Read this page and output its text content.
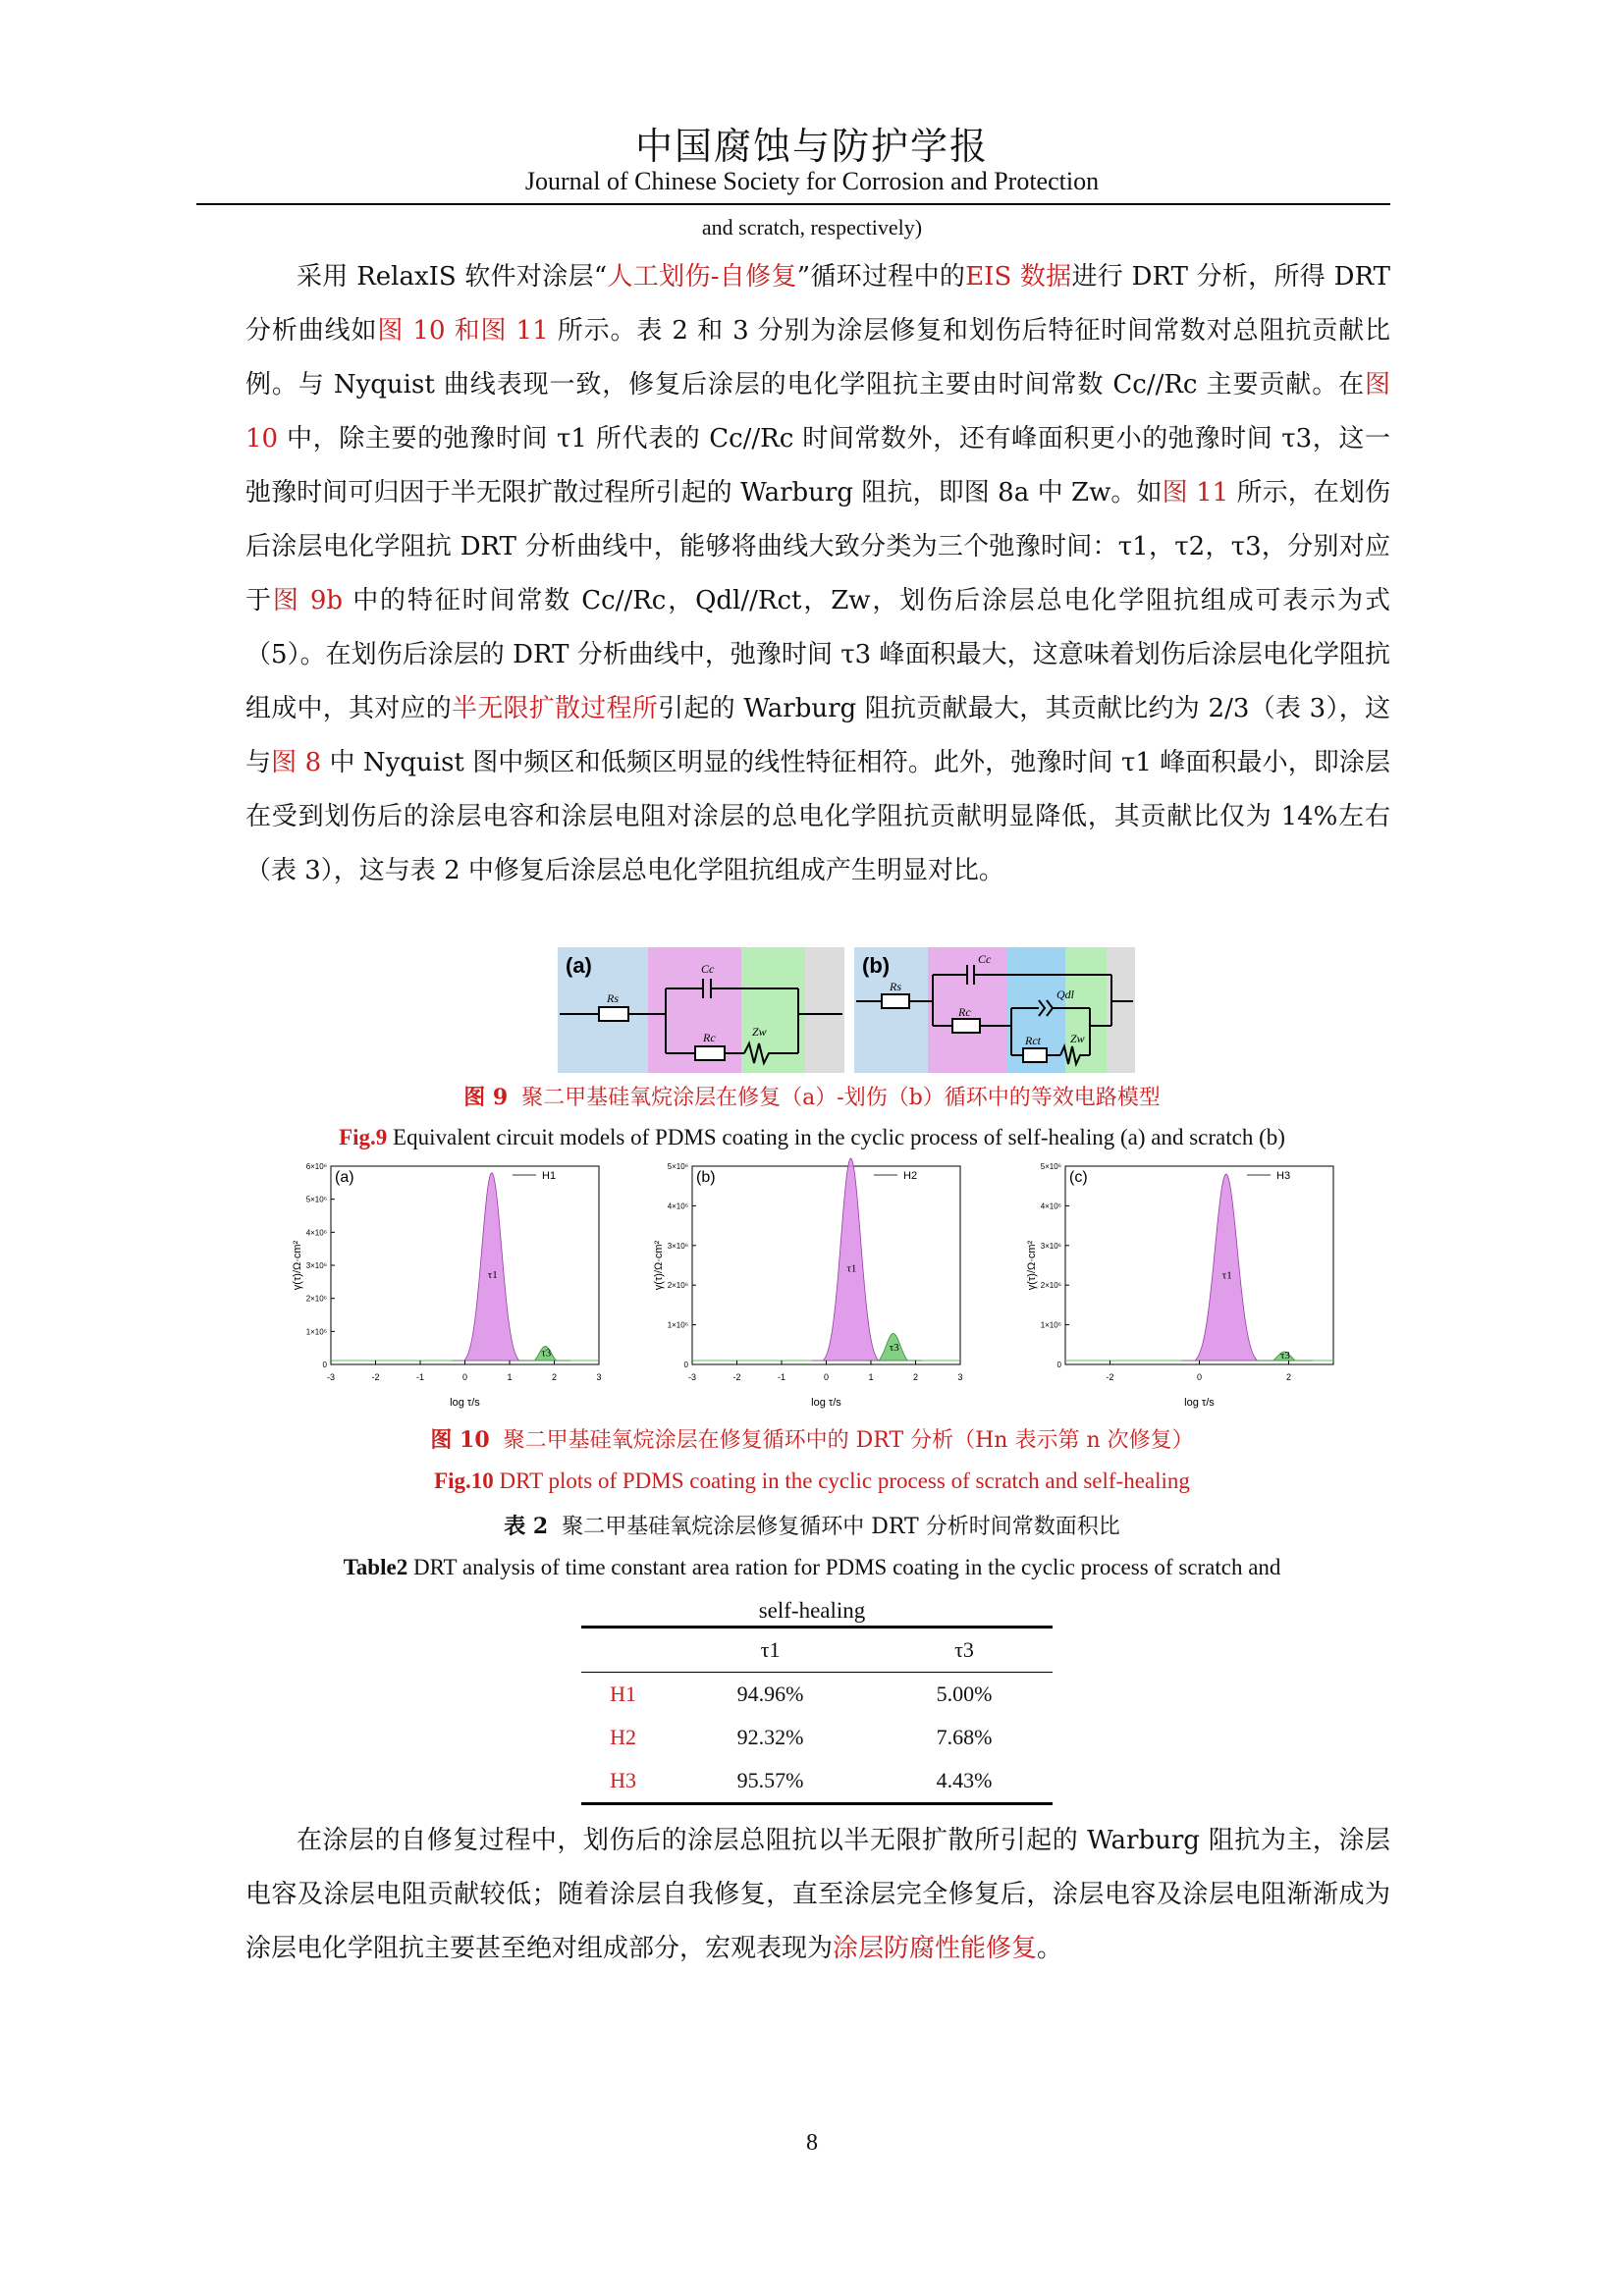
中国腐蚀与防护学报
Journal of Chinese Society for Corrosion and Protection
and scratch, respectively)

采用 RelaxIS 软件对涂层“人工划伤-自修复”循环过程中的EIS 数据进行 DRT 分析，所得 DRT 分析曲线如图 10 和图 11 所示。表 2 和 3 分别为涂层修复和划伤后特征时间常数对总阻抗贡献比例。与 Nyquist 曲线表现一致，修复后涂层的电化学阻抗主要由时间常数 Cc//Rc 主要贡献。在图 10 中，除主要的弛豫时间 τ1 所代表的 Cc//Rc 时间常数外，还有峰面积更小的弛豫时间 τ3，这一弛豫时间可归因于半无限扩散过程所引起的 Warburg 阻抗，即图 8a 中 Zw。如图 11 所示，在划伤后涂层电化学阻抗 DRT 分析曲线中，能够将曲线大致分类为三个弛豫时间：τ1，τ2，τ3，分别对应于图 9b 中的特征时间常数 Cc//Rc，Qdl//Rct，Zw，划伤后涂层总电化学阻抗组成可表示为式（5）。在划伤后涂层的 DRT 分析曲线中，弛豫时间 τ3 峰面积最大，这意味着划伤后涂层电化学阻抗组成中，其对应的半无限扩散过程所引起的 Warburg 阻抗贡献最大，其贡献比约为 2/3（表 3），这与图 8 中 Nyquist 图中频区和低频区明显的线性特征相符。此外，弛豫时间 τ1 峰面积最小，即涂层在受到划伤后的涂层电容和涂层电阻对涂层的总电化学阻抗贡献明显降低，其贡献比仅为 14%左右（表 3），这与表 2 中修复后涂层总电化学阻抗组成产生明显对比。

(a)
Rs
Cc
Rc	Zw
(b)
Rs
Cc
Rc
Qdl
Rct	Zw
图 9 聚二甲基硅氧烷涂层在修复（a）-划伤（b）循环中的等效电路模型
Fig.9 Equivalent circuit models of PDMS coating in the cyclic process of self-healing (a) and scratch (b)
(a)	H1
τ1
τ3
0
1×10⁶
2×10⁶
3×10⁶
4×10⁶
5×10⁶
6×10⁶
-3	-2	-1	0	1	2	3
log τ/s
γ(τ)/Ω·cm²
(b)	H2
τ1
τ3
0
1×10⁶
2×10⁶
3×10⁶
4×10⁶
5×10⁶
-3	-2	-1	0	1	2	3
log τ/s
γ(τ)/Ω·cm²
(c)	H3
τ1
τ3
0
1×10⁶
2×10⁶
3×10⁶
4×10⁶
5×10⁶
-2	0	2
log τ/s
γ(τ)/Ω·cm²
图 10 聚二甲基硅氧烷涂层在修复循环中的 DRT 分析（Hn 表示第 n 次修复）
Fig.10 DRT plots of PDMS coating in the cyclic process of scratch and self-healing
表 2 聚二甲基硅氧烷涂层修复循环中 DRT 分析时间常数面积比
Table2 DRT analysis of time constant area ration for PDMS coating in the cyclic process of scratch and
self-healing
	τ1	τ3
H1	94.96%	5.00%
H2	92.32%	7.68%
H3	95.57%	4.43%

在涂层的自修复过程中，划伤后的涂层总阻抗以半无限扩散所引起的 Warburg 阻抗为主，涂层电容及涂层电阻贡献较低；随着涂层自我修复，直至涂层完全修复后，涂层电容及涂层电阻渐渐成为涂层电化学阻抗主要甚至绝对组成部分，宏观表现为涂层防腐性能修复。

8
